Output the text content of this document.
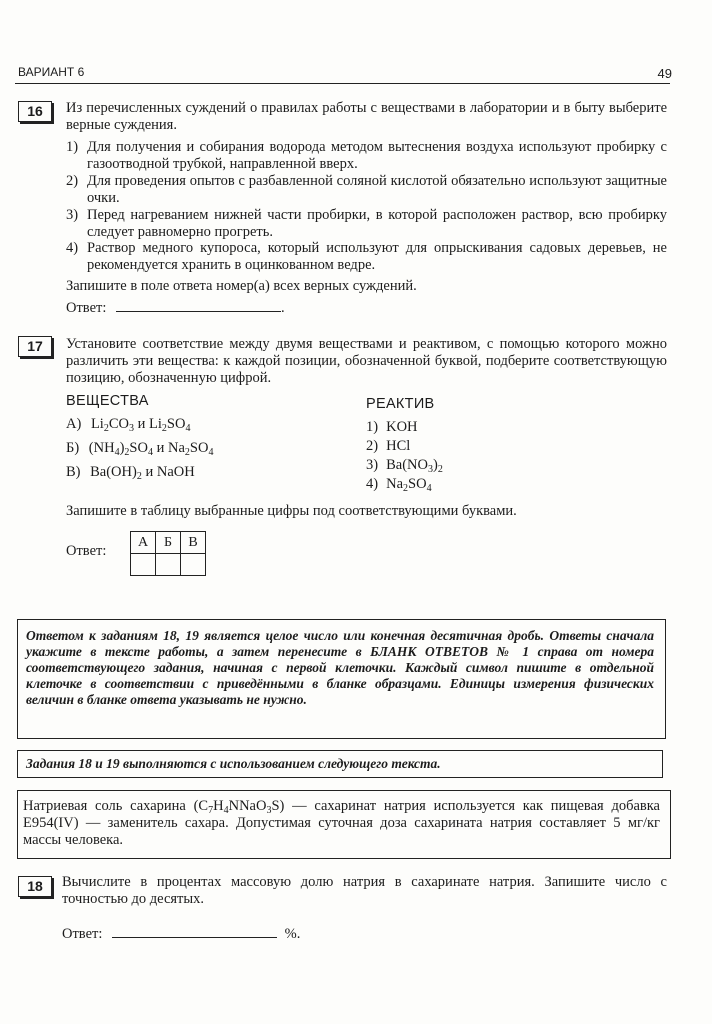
ВАРИАНТ 6	49
16	Из перечисленных суждений о правилах работы с веществами в лаборатории и в быту выберите верные суждения.
1) Для получения и собирания водорода методом вытеснения воздуха используют пробирку с газоотводной трубкой, направленной вверх.
2) Для проведения опытов с разбавленной соляной кислотой обязательно используют защитные очки.
3) Перед нагреванием нижней части пробирки, в которой расположен раствор, всю пробирку следует равномерно прогреть.
4) Раствор медного купороса, который используют для опрыскивания садовых деревьев, не рекомендуется хранить в оцинкованном ведре.
Запишите в поле ответа номер(а) всех верных суждений.
Ответ:	.
17	Установите соответствие между двумя веществами и реактивом, с помощью которого можно различить эти вещества: к каждой позиции, обозначенной буквой, подберите соответствующую позицию, обозначенную цифрой.
ВЕЩЕСТВА	РЕАКТИВ
А) $Li_2CO_3$ и $Li_2SO_4$
Б) $(NH_4)_2SO_4$ и $Na_2SO_4$
В) $Ba(OH)_2$ и NaOH
1) KOH
2) HCl
3) $Ba(NO_3)_2$
4) $Na_2SO_4$
Запишите в таблицу выбранные цифры под соответствующими буквами.
Ответ:
А	Б	В

Ответом к заданиям 18, 19 является целое число или конечная десятичная дробь. Ответы сначала укажите в тексте работы, а затем перенесите в БЛАНК ОТВЕТОВ № 1 справа от номера соответствующего задания, начиная с первой клеточки. Каждый символ пишите в отдельной клеточке в соответствии с приведёнными в бланке образцами. Единицы измерения физических величин в бланке ответа указывать не нужно.
Задания 18 и 19 выполняются с использованием следующего текста.
Натриевая соль сахарина $(C_7H_4NNaO_3S)$ — сахаринат натрия используется как пищевая добавка E954(IV) — заменитель сахара. Допустимая суточная доза сахарината натрия составляет 5 мг/кг массы человека.
18	Вычислите в процентах массовую долю натрия в сахаринате натрия. Запишите число с точностью до десятых.
Ответ:	%.
